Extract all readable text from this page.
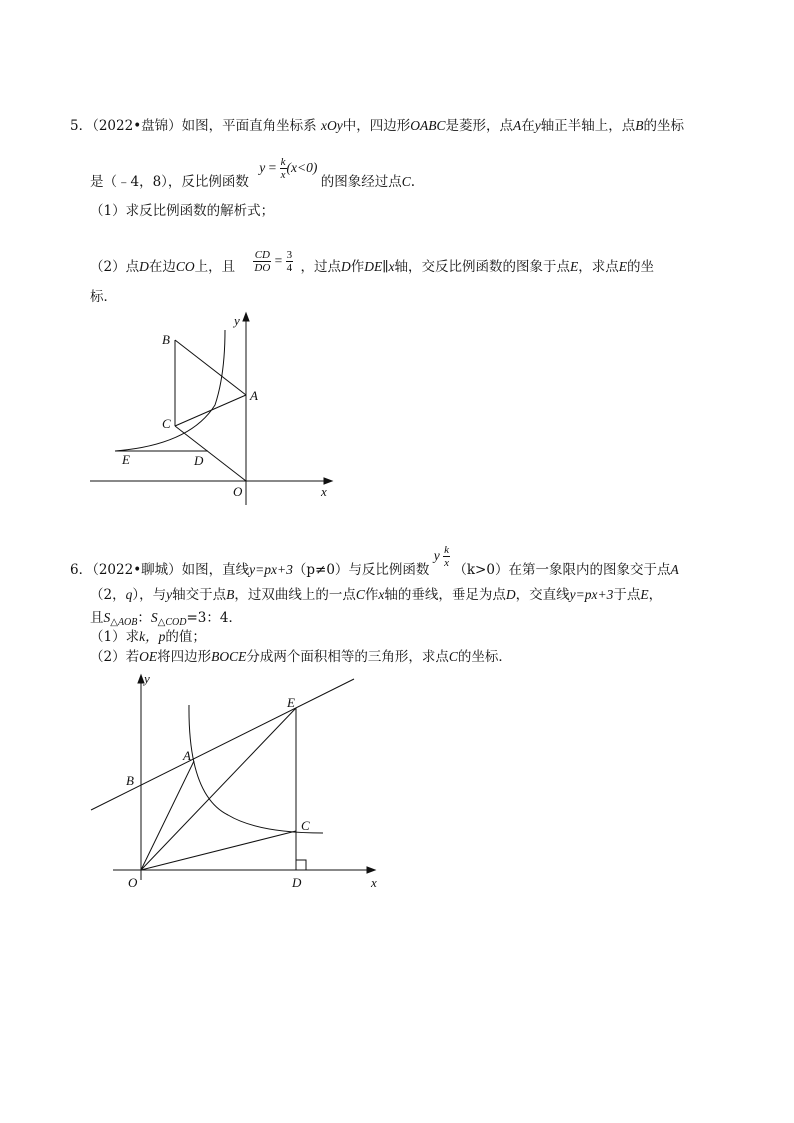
5．（2022•盘锦）如图，平面直角坐标系 xOy中，四边形OABC是菱形，点A在y轴正半轴上，点B的坐标
是（﹣4，8），反比例函数 $y = \frac{k}{x} (x<0)$ 的图象经过点C.
（1）求反比例函数的解析式；
（2）点D在边CO上，且 $\frac{CD}{DO} = \frac{3}{4}$ ，过点D作DE∥x轴，交反比例函数的图象于点E，求点E的坐
标．
B
y
A
C
E	D
O	x
6．（2022•聊城）如图，直线y=px+3（p≠0）与反比例函数 y $\frac{k}{x}$
（k>0）在第一象限内的图象交于点A
（2，q），与y轴交于点B，过双曲线上的一点C作x轴的垂线，垂足为点D，交直线y=px+3于点E，
且$S_{\triangle AOB}$：$S_{\triangle COD}=3$：4．
（1）求k，p的值；
（2）若OE将四边形BOCE分成两个面积相等的三角形，求点C的坐标．
y
E
A
B
C
O	D	x
